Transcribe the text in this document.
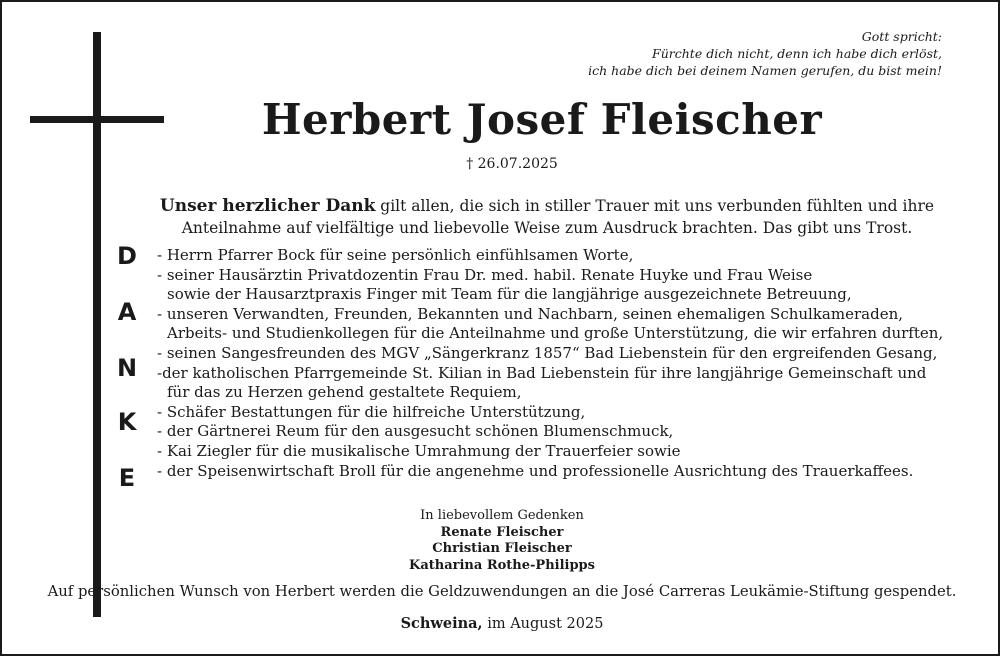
Gott spricht:
Fürchte dich nicht, denn ich habe dich erlöst,
ich habe dich bei deinem Namen gerufen, du bist mein!
Herbert Josef Fleischer
† 26.07.2025
Unser herzlicher Dank gilt allen, die sich in stiller Trauer mit uns verbunden fühlten und ihre
Anteilnahme auf vielfältige und liebevolle Weise zum Ausdruck brachten. Das gibt uns Trost.
D
A
N
K
E
- Herrn Pfarrer Bock für seine persönlich einfühlsamen Worte,
- seiner Hausärztin Privatdozentin Frau Dr. med. habil. Renate Huyke und Frau Weise
sowie der Hausarztpraxis Finger mit Team für die langjährige ausgezeichnete Betreuung,
- unseren Verwandten, Freunden, Bekannten und Nachbarn, seinen ehemaligen Schulkameraden,
Arbeits- und Studienkollegen für die Anteilnahme und große Unterstützung, die wir erfahren durften,
- seinen Sangesfreunden des MGV „Sängerkranz 1857“ Bad Liebenstein für den ergreifenden Gesang,
-der katholischen Pfarrgemeinde St. Kilian in Bad Liebenstein für ihre langjährige Gemeinschaft und
für das zu Herzen gehend gestaltete Requiem,
- Schäfer Bestattungen für die hilfreiche Unterstützung,
- der Gärtnerei Reum für den ausgesucht schönen Blumenschmuck,
- Kai Ziegler für die musikalische Umrahmung der Trauerfeier sowie
- der Speisenwirtschaft Broll für die angenehme und professionelle Ausrichtung des Trauerkaffees.
In liebevollem Gedenken
Renate Fleischer
Christian Fleischer
Katharina Rothe-Philipps
Auf persönlichen Wunsch von Herbert werden die Geldzuwendungen an die José Carreras Leukämie-Stiftung gespendet.
Schweina, im August 2025
